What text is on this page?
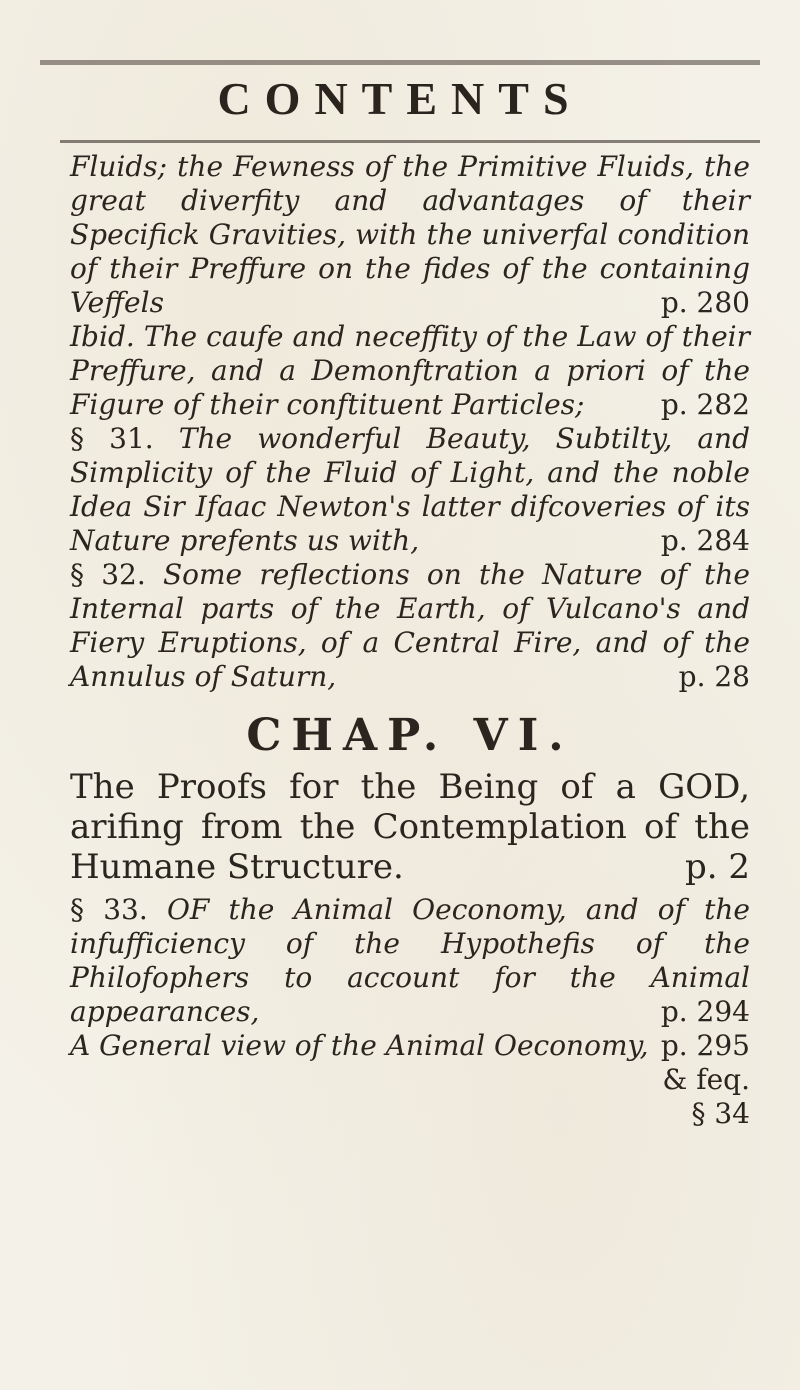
CONTENTS

Fluids; the Fewness of the Primitive Fluids, the great diverfity and advantages of their Specifick Gravities, with the univerfal condition of their Preffure on the fides of the containing Veffels	p. 280

Ibid. The caufe and neceffity of the Law of their Preffure, and a Demonftration a priori of the Figure of their conftituent Particles;	p. 282

§ 31. The wonderful Beauty, Subtilty, and Simplicity of the Fluid of Light, and the noble Idea Sir Ifaac Newton's latter difcoveries of its Nature prefents us with,	p. 284

§ 32. Some reflections on the Nature of the Internal parts of the Earth, of Vulcano's and Fiery Eruptions, of a Central Fire, and of the Annulus of Saturn,	p. 28

CHAP. VI.

The Proofs for the Being of a GOD, arifing from the Contemplation of the Humane Structure.	p. 2

§ 33. OF the Animal Oeconomy, and of the infufficiency of the Hypothefis of the Philofophers to account for the Animal appearances,	p. 294

A General view of the Animal Oeconomy, p. 295

& feq.

§ 34
